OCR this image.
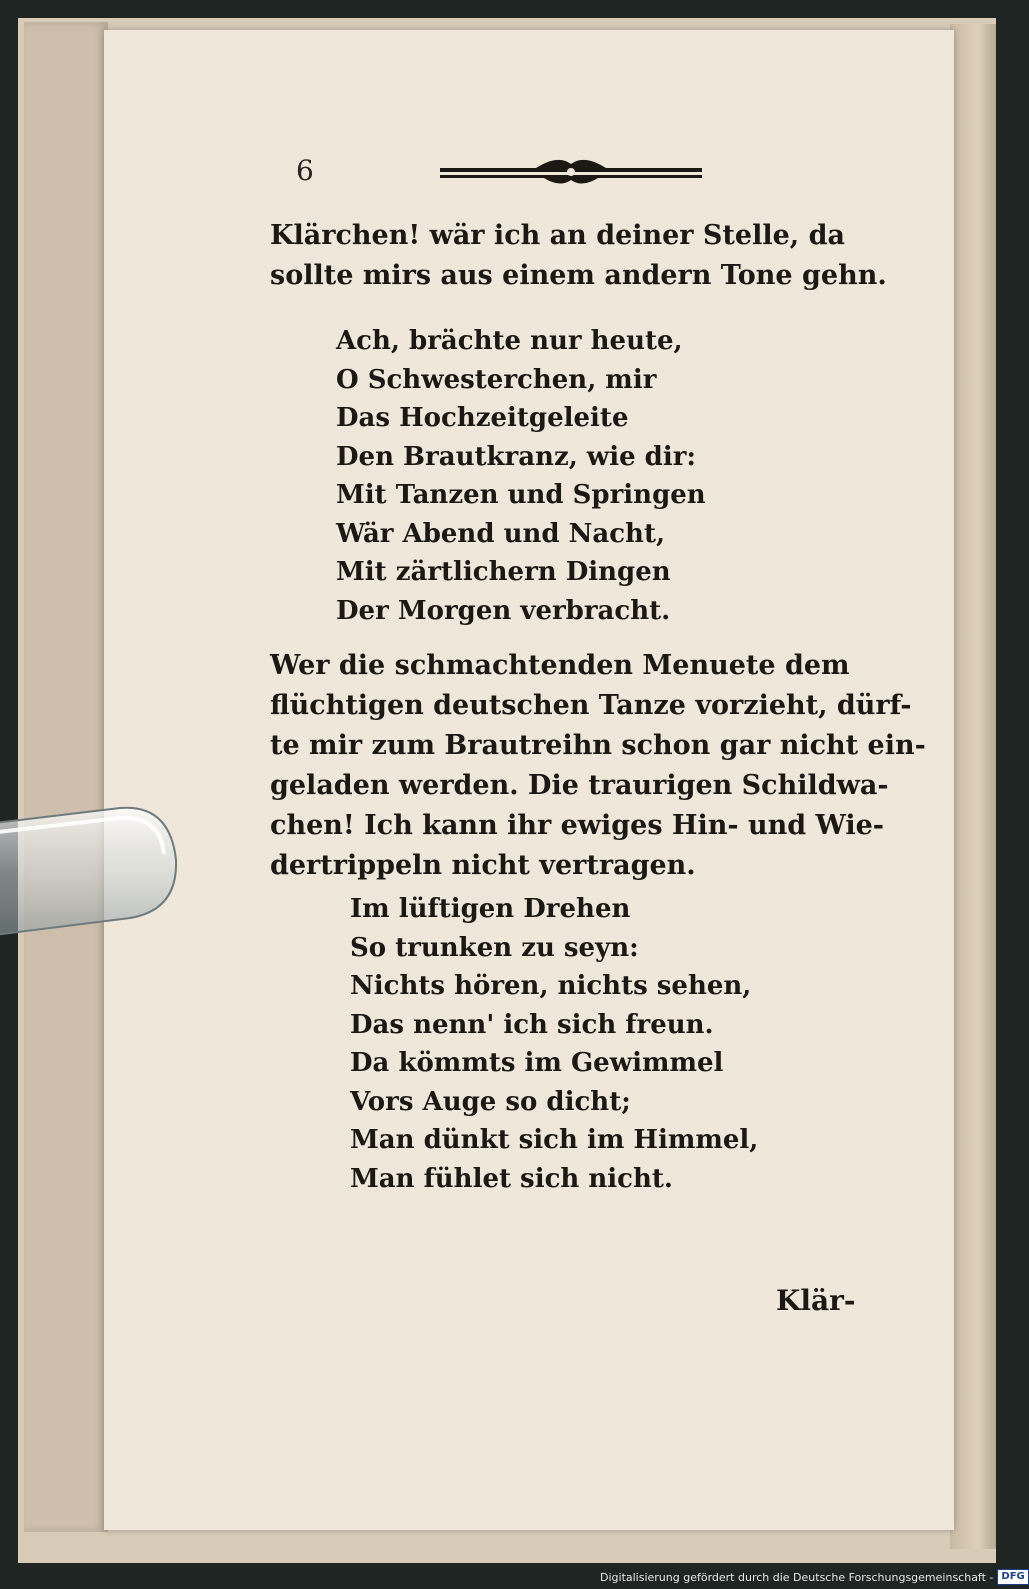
6
Klärchen! wär ich an deiner Stelle, da
sollte mirs aus einem andern Tone gehn.
Ach, brächte nur heute,
O Schwesterchen, mir
Das Hochzeitgeleite
Den Brautkranz, wie dir:
Mit Tanzen und Springen
Wär Abend und Nacht,
Mit zärtlichern Dingen
Der Morgen verbracht.
Wer die schmachtenden Menuete dem
flüchtigen deutschen Tanze vorzieht, dürf-
te mir zum Brautreihn schon gar nicht ein-
geladen werden. Die traurigen Schildwa-
chen! Ich kann ihr ewiges Hin- und Wie-
dertrippeln nicht vertragen.
Im lüftigen Drehen
So trunken zu seyn:
Nichts hören, nichts sehen,
Das nenn' ich sich freun.
Da kömmts im Gewimmel
Vors Auge so dicht;
Man dünkt sich im Himmel,
Man fühlet sich nicht.
Klär-
Digitalisierung gefördert durch die Deutsche Forschungsgemeinschaft - DFG
